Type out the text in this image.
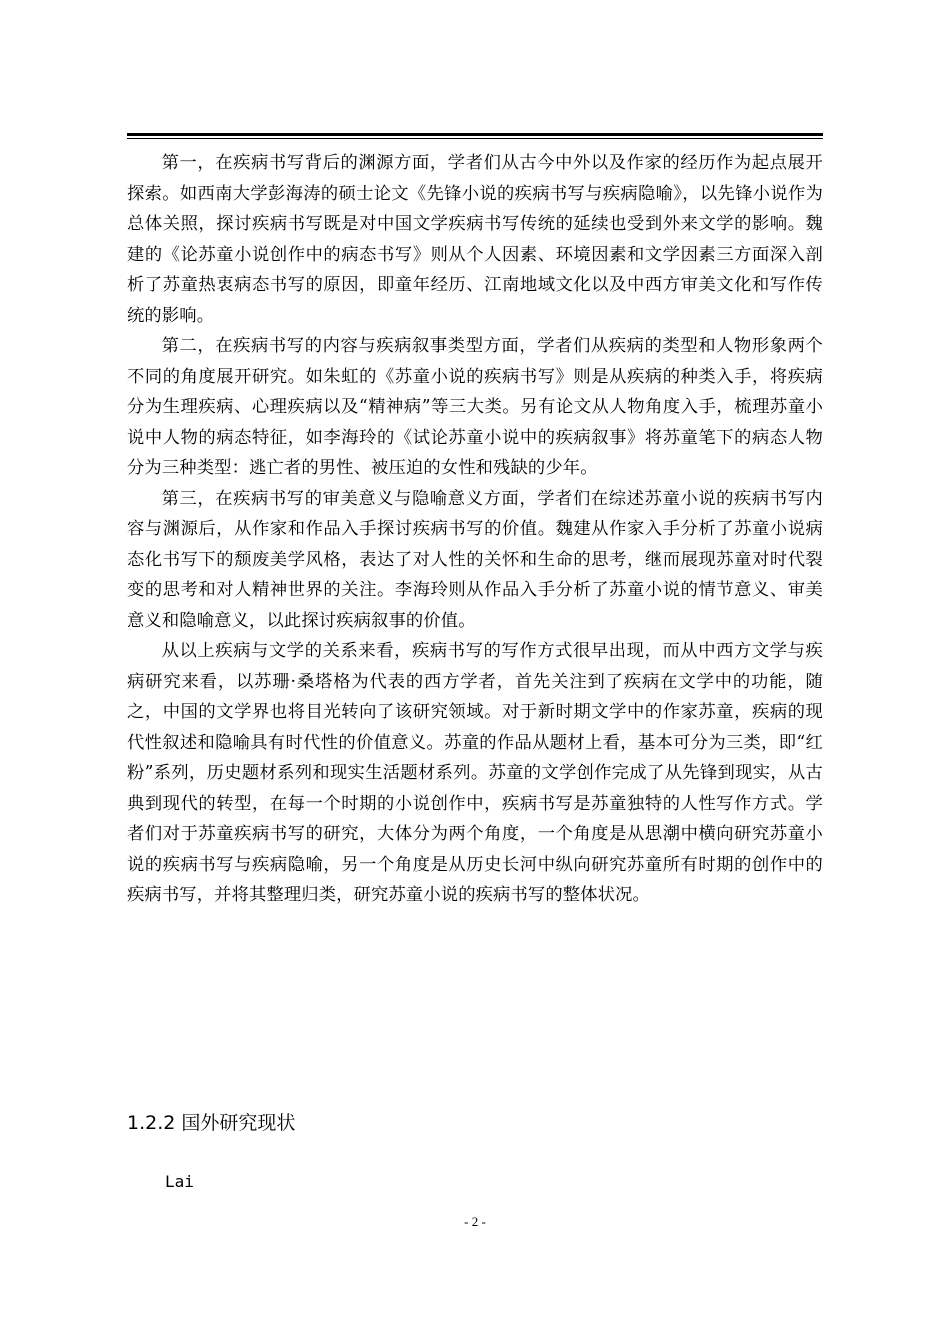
第一，在疾病书写背后的渊源方面，学者们从古今中外以及作家的经历作为起点展开探索。如西南大学彭海涛的硕士论文《先锋小说的疾病书写与疾病隐喻》，以先锋小说作为总体关照，探讨疾病书写既是对中国文学疾病书写传统的延续也受到外来文学的影响。魏建的《论苏童小说创作中的病态书写》则从个人因素、环境因素和文学因素三方面深入剖析了苏童热衷病态书写的原因，即童年经历、江南地域文化以及中西方审美文化和写作传统的影响。

第二，在疾病书写的内容与疾病叙事类型方面，学者们从疾病的类型和人物形象两个不同的角度展开研究。如朱虹的《苏童小说的疾病书写》则是从疾病的种类入手，将疾病分为生理疾病、心理疾病以及“精神病”等三大类。另有论文从人物角度入手，梳理苏童小说中人物的病态特征，如李海玲的《试论苏童小说中的疾病叙事》将苏童笔下的病态人物分为三种类型：逃亡者的男性、被压迫的女性和残缺的少年。

第三，在疾病书写的审美意义与隐喻意义方面，学者们在综述苏童小说的疾病书写内容与渊源后，从作家和作品入手探讨疾病书写的价值。魏建从作家入手分析了苏童小说病态化书写下的颓废美学风格，表达了对人性的关怀和生命的思考，继而展现苏童对时代裂变的思考和对人精神世界的关注。李海玲则从作品入手分析了苏童小说的情节意义、审美意义和隐喻意义，以此探讨疾病叙事的价值。

从以上疾病与文学的关系来看，疾病书写的写作方式很早出现，而从中西方文学与疾病研究来看，以苏珊·桑塔格为代表的西方学者，首先关注到了疾病在文学中的功能，随之，中国的文学界也将目光转向了该研究领域。对于新时期文学中的作家苏童，疾病的现代性叙述和隐喻具有时代性的价值意义。苏童的作品从题材上看，基本可分为三类，即“红粉”系列，历史题材系列和现实生活题材系列。苏童的文学创作完成了从先锋到现实，从古典到现代的转型，在每一个时期的小说创作中，疾病书写是苏童独特的人性写作方式。学者们对于苏童疾病书写的研究，大体分为两个角度，一个角度是从思潮中横向研究苏童小说的疾病书写与疾病隐喻，另一个角度是从历史长河中纵向研究苏童所有时期的创作中的疾病书写，并将其整理归类，研究苏童小说的疾病书写的整体状况。

1.2.2 国外研究现状
Lai
- 2 -
